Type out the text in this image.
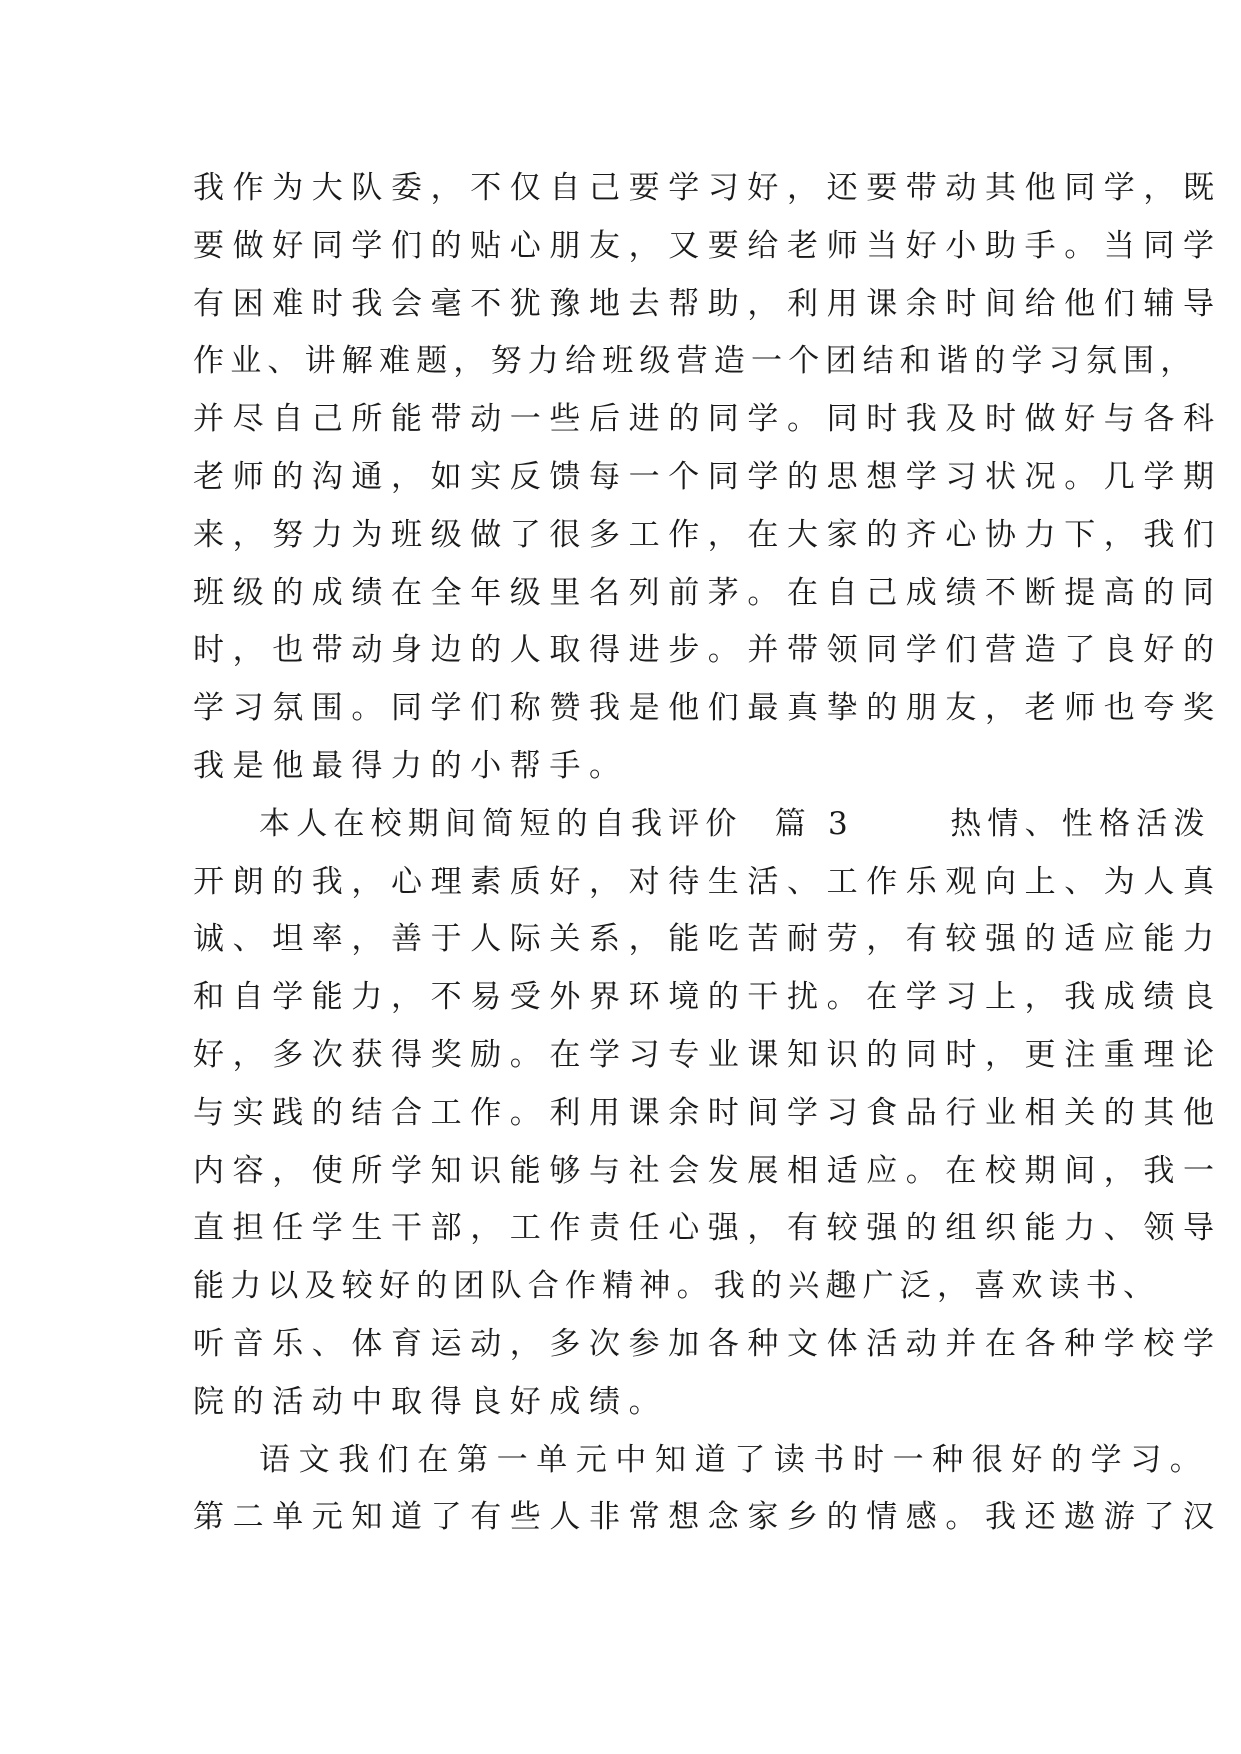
我作为大队委，不仅自己要学习好，还要带动其他同学，既
要做好同学们的贴心朋友，又要给老师当好小助手。当同学
有困难时我会毫不犹豫地去帮助，利用课余时间给他们辅导
作业、讲解难题，努力给班级营造一个团结和谐的学习氛围，
并尽自己所能带动一些后进的同学。同时我及时做好与各科
老师的沟通，如实反馈每一个同学的思想学习状况。几学期
来，努力为班级做了很多工作，在大家的齐心协力下，我们
班级的成绩在全年级里名列前茅。在自己成绩不断提高的同
时，也带动身边的人取得进步。并带领同学们营造了良好的
学习氛围。同学们称赞我是他们最真挚的朋友，老师也夸奖
我是他最得力的小帮手。
本人在校期间简短的自我评价  篇 3      热情、性格活泼
开朗的我，心理素质好，对待生活、工作乐观向上、为人真
诚、坦率，善于人际关系，能吃苦耐劳，有较强的适应能力
和自学能力，不易受外界环境的干扰。在学习上，我成绩良
好，多次获得奖励。在学习专业课知识的同时，更注重理论
与实践的结合工作。利用课余时间学习食品行业相关的其他
内容，使所学知识能够与社会发展相适应。在校期间，我一
直担任学生干部，工作责任心强，有较强的组织能力、领导
能力以及较好的团队合作精神。我的兴趣广泛，喜欢读书、
听音乐、体育运动，多次参加各种文体活动并在各种学校学
院的活动中取得良好成绩。
语文我们在第一单元中知道了读书时一种很好的学习。
第二单元知道了有些人非常想念家乡的情感。我还遨游了汉
